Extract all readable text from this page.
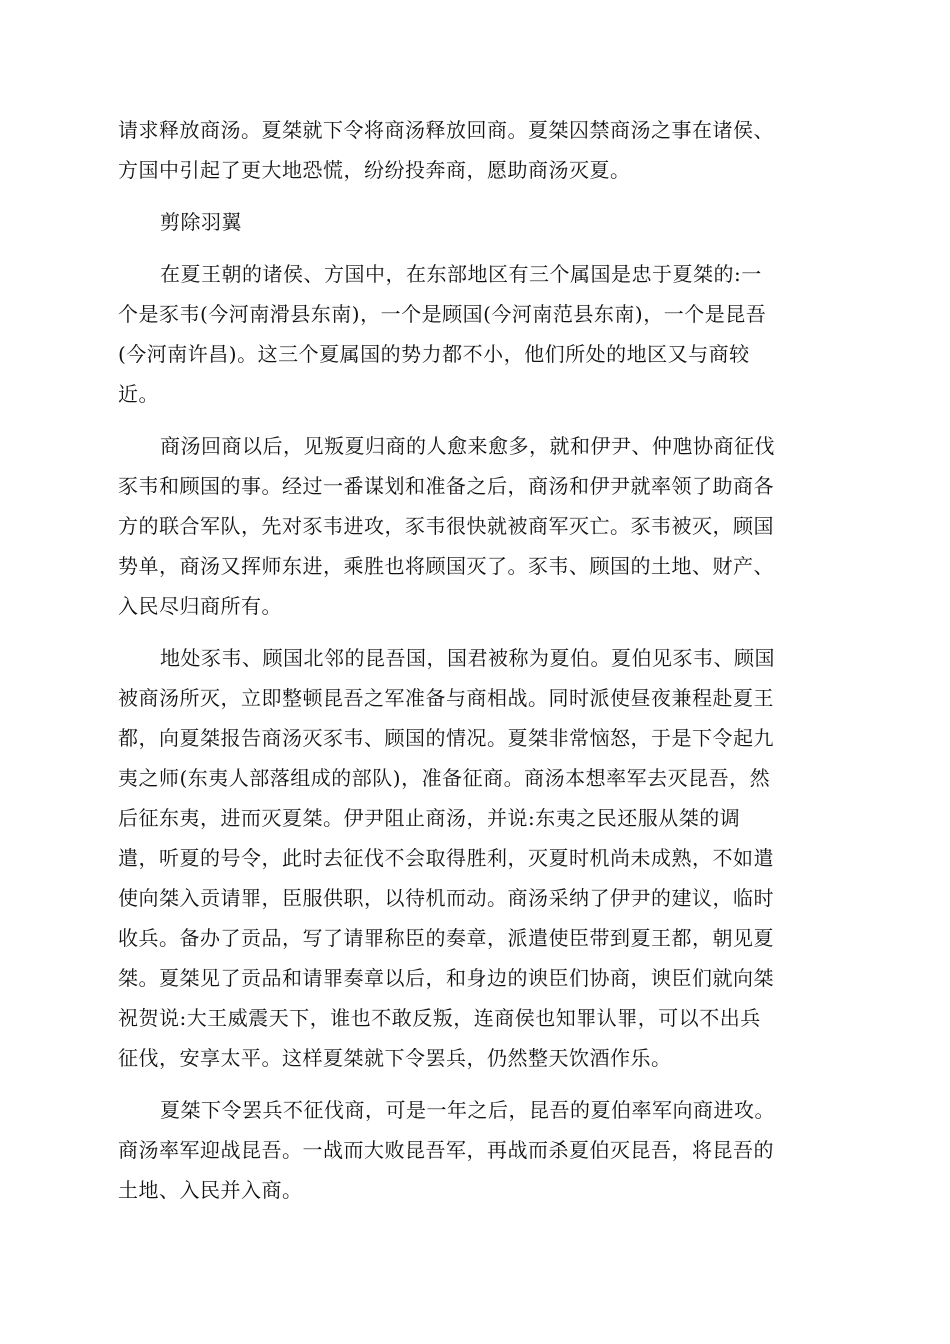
请求释放商汤。夏桀就下令将商汤释放回商。夏桀囚禁商汤之事在诸侯、
方国中引起了更大地恐慌，纷纷投奔商，愿助商汤灭夏。
剪除羽翼
在夏王朝的诸侯、方国中，在东部地区有三个属国是忠于夏桀的:一
个是豕韦(今河南滑县东南)，一个是顾国(今河南范县东南)，一个是昆吾
(今河南许昌)。这三个夏属国的势力都不小，他们所处的地区又与商较
近。
商汤回商以后，见叛夏归商的人愈来愈多，就和伊尹、仲虺协商征伐
豕韦和顾国的事。经过一番谋划和准备之后，商汤和伊尹就率领了助商各
方的联合军队，先对豕韦进攻，豕韦很快就被商军灭亡。豕韦被灭，顾国
势单，商汤又挥师东进，乘胜也将顾国灭了。豕韦、顾国的土地、财产、
入民尽归商所有。
地处豕韦、顾国北邻的昆吾国，国君被称为夏伯。夏伯见豕韦、顾国
被商汤所灭，立即整顿昆吾之军准备与商相战。同时派使昼夜兼程赴夏王
都，向夏桀报告商汤灭豕韦、顾国的情况。夏桀非常恼怒，于是下令起九
夷之师(东夷人部落组成的部队)，准备征商。商汤本想率军去灭昆吾，然
后征东夷，进而灭夏桀。伊尹阻止商汤，并说:东夷之民还服从桀的调
遣，听夏的号令，此时去征伐不会取得胜利，灭夏时机尚未成熟，不如遣
使向桀入贡请罪，臣服供职，以待机而动。商汤采纳了伊尹的建议，临时
收兵。备办了贡品，写了请罪称臣的奏章，派遣使臣带到夏王都，朝见夏
桀。夏桀见了贡品和请罪奏章以后，和身边的谀臣们协商，谀臣们就向桀
祝贺说:大王威震天下，谁也不敢反叛，连商侯也知罪认罪，可以不出兵
征伐，安享太平。这样夏桀就下令罢兵，仍然整天饮酒作乐。
夏桀下令罢兵不征伐商，可是一年之后，昆吾的夏伯率军向商进攻。
商汤率军迎战昆吾。一战而大败昆吾军，再战而杀夏伯灭昆吾，将昆吾的
土地、入民并入商。
